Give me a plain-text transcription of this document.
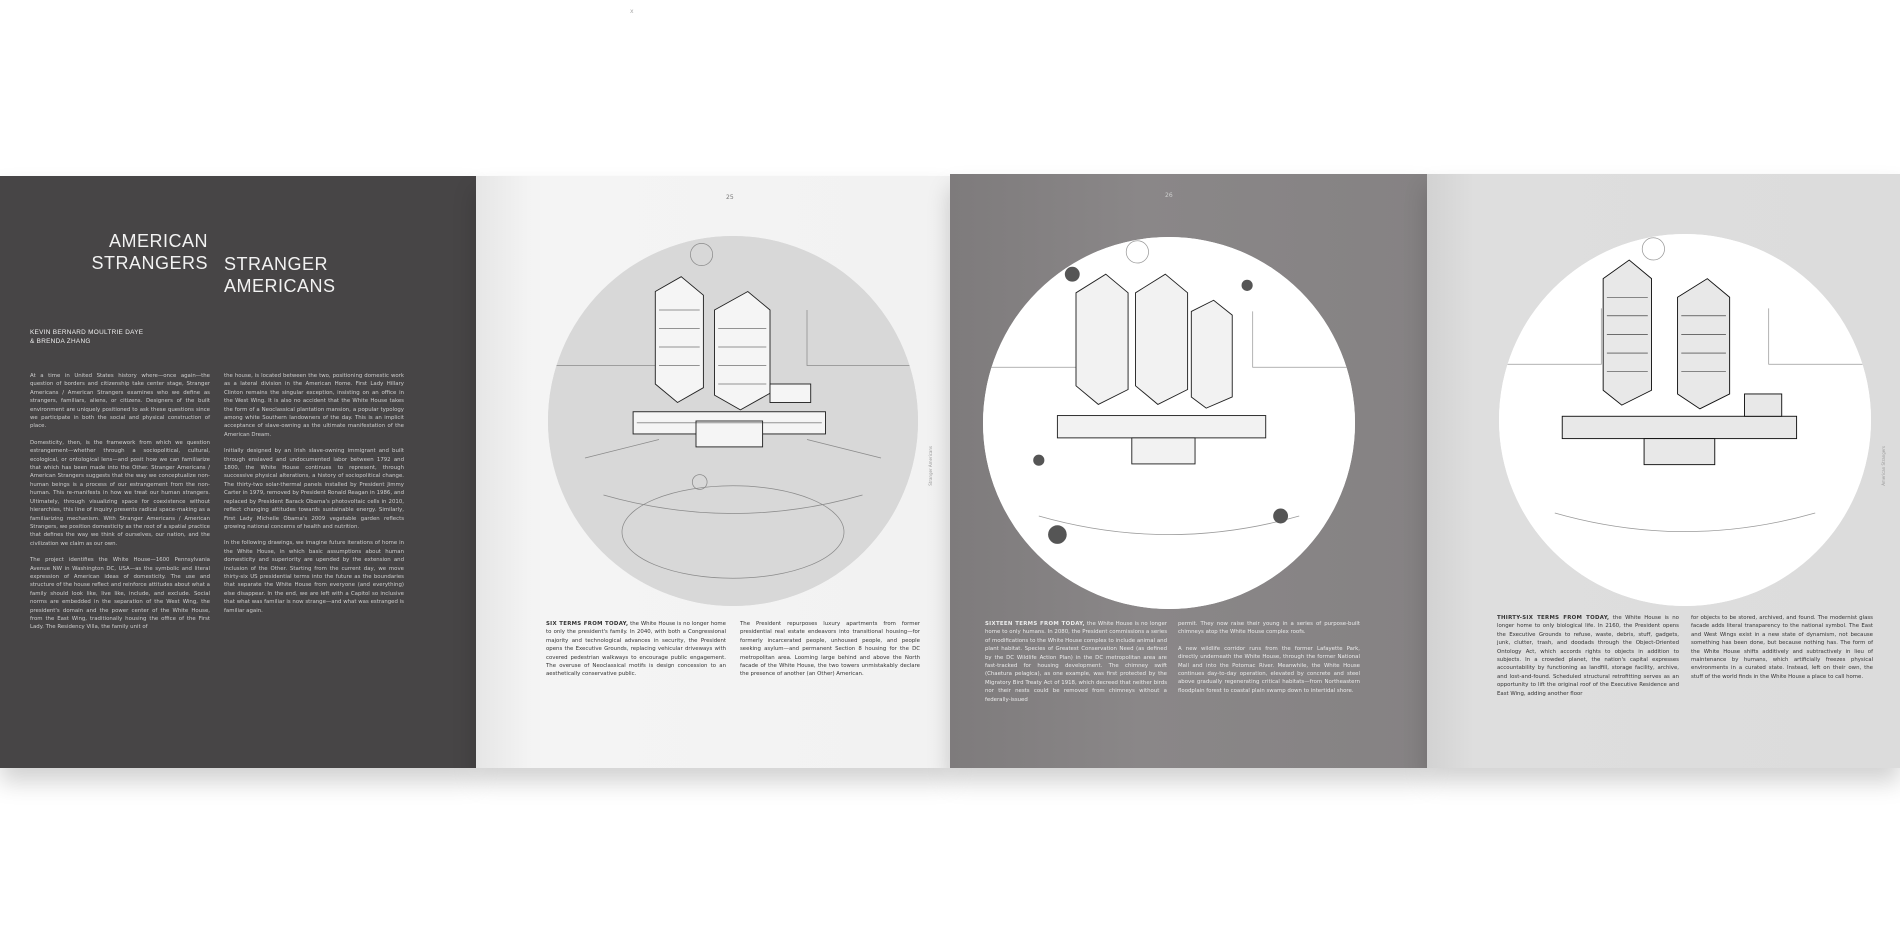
x
AMERICAN
STRANGERS STRANGER
AMERICANS
KEVIN BERNARD MOULTRIE DAYE
& BRENDA ZHANG

At a time in United States history where—once again—the question of borders and citizenship take center stage, Stranger Americans / American Strangers examines who we define as strangers, familiars, aliens, or citizens. Designers of the built environment are uniquely positioned to ask these questions since we participate in both the social and physical construction of place.

Domesticity, then, is the framework from which we question estrangement—whether through a sociopolitical, cultural, ecological, or ontological lens—and posit how we can familiarize that which has been made into the Other. Stranger Americans / American Strangers suggests that the way we conceptualize non-human beings is a process of our estrangement from the non-human. This re-manifests in how we treat our human strangers. Ultimately, through visualizing space for coexistence without hierarchies, this line of inquiry presents radical space-making as a familiarizing mechanism. With Stranger Americans / American Strangers, we position domesticity as the root of a spatial practice that defines the way we think of ourselves, our nation, and the civilization we claim as our own.

The project identifies the White House—1600 Pennsylvania Avenue NW in Washington DC, USA—as the symbolic and literal expression of American ideas of domesticity. The use and structure of the house reflect and reinforce attitudes about what a family should look like, live like, include, and exclude. Social norms are embedded in the separation of the West Wing, the president's domain and the power center of the White House, from the East Wing, traditionally housing the office of the First Lady. The Residency Villa, the family unit of

the house, is located between the two, positioning domestic work as a lateral division in the American Home. First Lady Hillary Clinton remains the singular exception, insisting on an office in the West Wing. It is also no accident that the White House takes the form of a Neoclassical plantation mansion, a popular typology among white Southern landowners of the day. This is an implicit acceptance of slave-owning as the ultimate manifestation of the American Dream.

Initially designed by an Irish slave-owning immigrant and built through enslaved and undocumented labor between 1792 and 1800, the White House continues to represent, through successive physical alterations, a history of sociopolitical change. The thirty-two solar-thermal panels installed by President Jimmy Carter in 1979, removed by President Ronald Reagan in 1986, and replaced by President Barack Obama's photovoltaic cells in 2010, reflect changing attitudes towards sustainable energy. Similarly, First Lady Michelle Obama's 2009 vegetable garden reflects growing national concerns of health and nutrition.

In the following drawings, we imagine future iterations of home in the White House, in which basic assumptions about human domesticity and superiority are upended by the extension and inclusion of the Other. Starting from the current day, we move thirty-six US presidential terms into the future as the boundaries that separate the White House from everyone (and everything) else disappear. In the end, we are left with a Capitol so inclusive that what was familiar is now strange—and what was estranged is familiar again.

25
Stranger Americans

SIX TERMS FROM TODAY, the White House is no longer home to only the president's family. In 2040, with both a Congressional majority and technological advances in security, the President opens the Executive Grounds, replacing vehicular driveways with covered pedestrian walkways to encourage public engagement. The overuse of Neoclassical motifs is design concession to an aesthetically conservative public.

The President repurposes luxury apartments from former presidential real estate endeavors into transitional housing—for formerly incarcerated people, unhoused people, and people seeking asylum—and permanent Section 8 housing for the DC metropolitan area. Looming large behind and above the North facade of the White House, the two towers unmistakably declare the presence of another (an Other) American.

26

SIXTEEN TERMS FROM TODAY, the White House is no longer home to only humans. In 2080, the President commissions a series of modifications to the White House complex to include animal and plant habitat. Species of Greatest Conservation Need (as defined by the DC Wildlife Action Plan) in the DC metropolitan area are fast-tracked for housing development. The chimney swift (Chaetura pelagica), as one example, was first protected by the Migratory Bird Treaty Act of 1918, which decreed that neither birds nor their nests could be removed from chimneys without a federally-issued

permit. They now raise their young in a series of purpose-built chimneys atop the White House complex roofs.

A new wildlife corridor runs from the former Lafayette Park, directly underneath the White House, through the former National Mall and into the Potomac River. Meanwhile, the White House continues day-to-day operation, elevated by concrete and steel above gradually regenerating critical habitats—from Northeastern floodplain forest to coastal plain swamp down to intertidal shore.

American Strangers

THIRTY-SIX TERMS FROM TODAY, the White House is no longer home to only biological life. In 2160, the President opens the Executive Grounds to refuse, waste, debris, stuff, gadgets, junk, clutter, trash, and doodads through the Object-Oriented Ontology Act, which accords rights to objects in addition to subjects. In a crowded planet, the nation's capital expresses accountability by functioning as landfill, storage facility, archive, and lost-and-found. Scheduled structural retrofitting serves as an opportunity to lift the original roof of the Executive Residence and East Wing, adding another floor

for objects to be stored, archived, and found. The modernist glass facade adds literal transparency to the national symbol. The East and West Wings exist in a new state of dynamism, not because something has been done, but because nothing has. The form of the White House shifts additively and subtractively in lieu of maintenance by humans, which artificially freezes physical environments in a curated state. Instead, left on their own, the stuff of the world finds in the White House a place to call home.
